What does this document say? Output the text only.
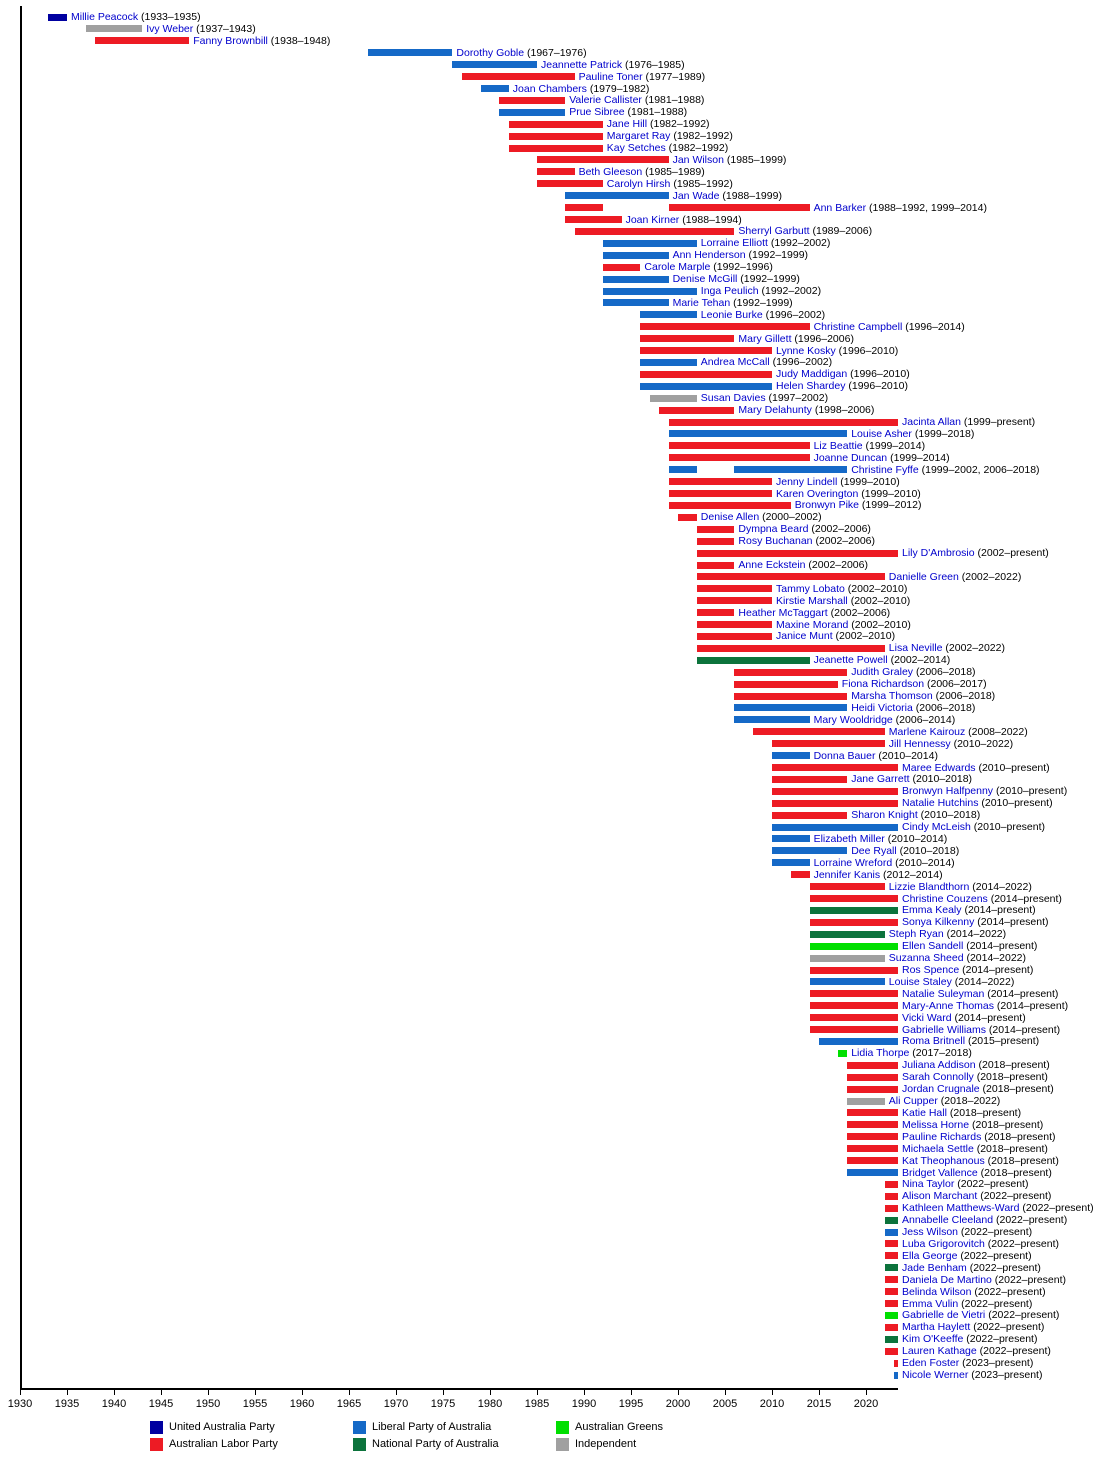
Millie Peacock (1933–1935)
Ivy Weber (1937–1943)
Fanny Brownbill (1938–1948)
Dorothy Goble (1967–1976)
Jeannette Patrick (1976–1985)
Pauline Toner (1977–1989)
Joan Chambers (1979–1982)
Valerie Callister (1981–1988)
Prue Sibree (1981–1988)
Jane Hill (1982–1992)
Margaret Ray (1982–1992)
Kay Setches (1982–1992)
Jan Wilson (1985–1999)
Beth Gleeson (1985–1989)
Carolyn Hirsh (1985–1992)
Jan Wade (1988–1999)
Ann Barker (1988–1992, 1999–2014)
Joan Kirner (1988–1994)
Sherryl Garbutt (1989–2006)
Lorraine Elliott (1992–2002)
Ann Henderson (1992–1999)
Carole Marple (1992–1996)
Denise McGill (1992–1999)
Inga Peulich (1992–2002)
Marie Tehan (1992–1999)
Leonie Burke (1996–2002)
Christine Campbell (1996–2014)
Mary Gillett (1996–2006)
Lynne Kosky (1996–2010)
Andrea McCall (1996–2002)
Judy Maddigan (1996–2010)
Helen Shardey (1996–2010)
Susan Davies (1997–2002)
Mary Delahunty (1998–2006)
Jacinta Allan (1999–present)
Louise Asher (1999–2018)
Liz Beattie (1999–2014)
Joanne Duncan (1999–2014)
Christine Fyffe (1999–2002, 2006–2018)
Jenny Lindell (1999–2010)
Karen Overington (1999–2010)
Bronwyn Pike (1999–2012)
Denise Allen (2000–2002)
Dympna Beard (2002–2006)
Rosy Buchanan (2002–2006)
Lily D'Ambrosio (2002–present)
Anne Eckstein (2002–2006)
Danielle Green (2002–2022)
Tammy Lobato (2002–2010)
Kirstie Marshall (2002–2010)
Heather McTaggart (2002–2006)
Maxine Morand (2002–2010)
Janice Munt (2002–2010)
Lisa Neville (2002–2022)
Jeanette Powell (2002–2014)
Judith Graley (2006–2018)
Fiona Richardson (2006–2017)
Marsha Thomson (2006–2018)
Heidi Victoria (2006–2018)
Mary Wooldridge (2006–2014)
Marlene Kairouz (2008–2022)
Jill Hennessy (2010–2022)
Donna Bauer (2010–2014)
Maree Edwards (2010–present)
Jane Garrett (2010–2018)
Bronwyn Halfpenny (2010–present)
Natalie Hutchins (2010–present)
Sharon Knight (2010–2018)
Cindy McLeish (2010–present)
Elizabeth Miller (2010–2014)
Dee Ryall (2010–2018)
Lorraine Wreford (2010–2014)
Jennifer Kanis (2012–2014)
Lizzie Blandthorn (2014–2022)
Christine Couzens (2014–present)
Emma Kealy (2014–present)
Sonya Kilkenny (2014–present)
Steph Ryan (2014–2022)
Ellen Sandell (2014–present)
Suzanna Sheed (2014–2022)
Ros Spence (2014–present)
Louise Staley (2014–2022)
Natalie Suleyman (2014–present)
Mary-Anne Thomas (2014–present)
Vicki Ward (2014–present)
Gabrielle Williams (2014–present)
Roma Britnell (2015–present)
Lidia Thorpe (2017–2018)
Juliana Addison (2018–present)
Sarah Connolly (2018–present)
Jordan Crugnale (2018–present)
Ali Cupper (2018–2022)
Katie Hall (2018–present)
Melissa Horne (2018–present)
Pauline Richards (2018–present)
Michaela Settle (2018–present)
Kat Theophanous (2018–present)
Bridget Vallence (2018–present)
Nina Taylor (2022–present)
Alison Marchant (2022–present)
Kathleen Matthews-Ward (2022–present)
Annabelle Cleeland (2022–present)
Jess Wilson (2022–present)
Luba Grigorovitch (2022–present)
Ella George (2022–present)
Jade Benham (2022–present)
Daniela De Martino (2022–present)
Belinda Wilson (2022–present)
Emma Vulin (2022–present)
Gabrielle de Vietri (2022–present)
Martha Haylett (2022–present)
Kim O'Keeffe (2022–present)
Lauren Kathage (2022–present)
Eden Foster (2023–present)
Nicole Werner (2023–present)
1930 1935 1940 1945 1950 1955 1960 1965 1970 1975 1980 1985 1990 1995 2000 2005 2010 2015 2020
United Australia Party
Australian Labor Party
Liberal Party of Australia
National Party of Australia
Australian Greens
Independent
